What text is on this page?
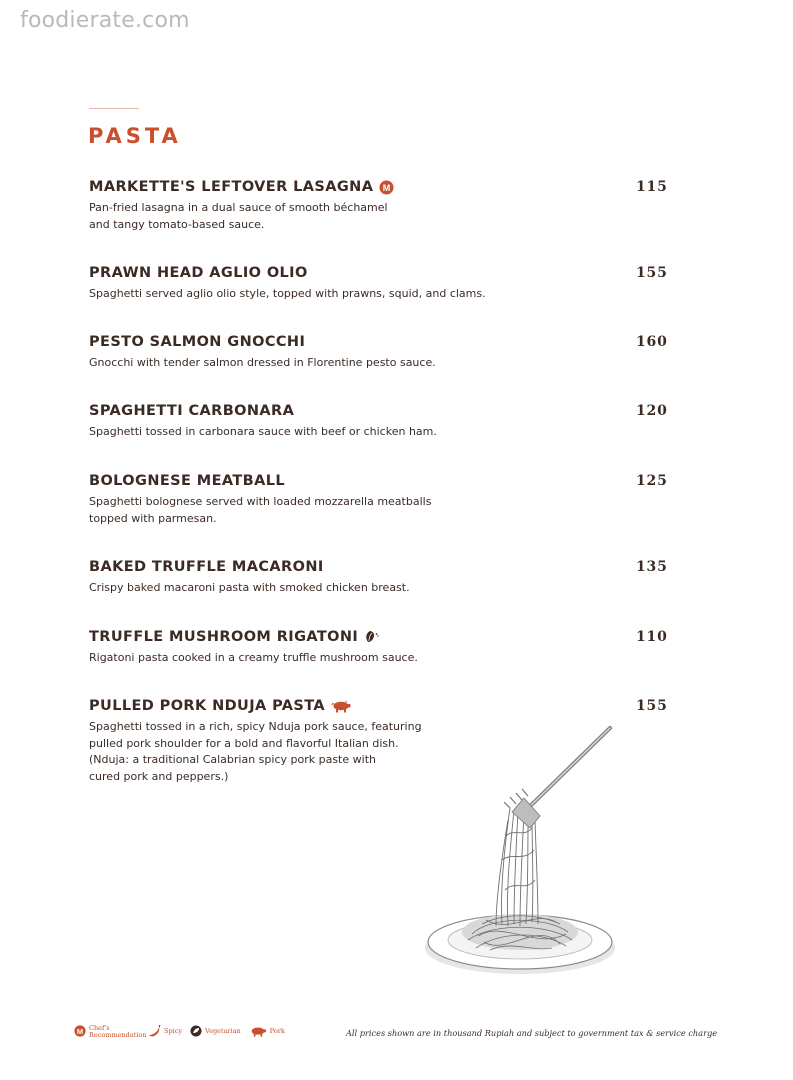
foodierate.com
PASTA
MARKETTE'S LEFTOVER LASAGNA M	115
Pan-fried lasagna in a dual sauce of smooth béchamel
and tangy tomato-based sauce.
PRAWN HEAD AGLIO OLIO	155
Spaghetti served aglio olio style, topped with prawns, squid, and clams.
PESTO SALMON GNOCCHI	160
Gnocchi with tender salmon dressed in Florentine pesto sauce.
SPAGHETTI CARBONARA	120
Spaghetti tossed in carbonara sauce with beef or chicken ham.
BOLOGNESE MEATBALL	125
Spaghetti bolognese served with loaded mozzarella meatballs
topped with parmesan.
BAKED TRUFFLE MACARONI	135
Crispy baked macaroni pasta with smoked chicken breast.
TRUFFLE MUSHROOM RIGATONI	110
Rigatoni pasta cooked in a creamy truffle mushroom sauce.
PULLED PORK NDUJA PASTA	155
Spaghetti tossed in a rich, spicy Nduja pork sauce, featuring
pulled pork shoulder for a bold and flavorful Italian dish.
(Nduja: a traditional Calabrian spicy pork paste with
cured pork and peppers.)
M Chef's Recommendation	Spicy	Vegetarian	Pork	All prices shown are in thousand Rupiah and subject to government tax & service charge
